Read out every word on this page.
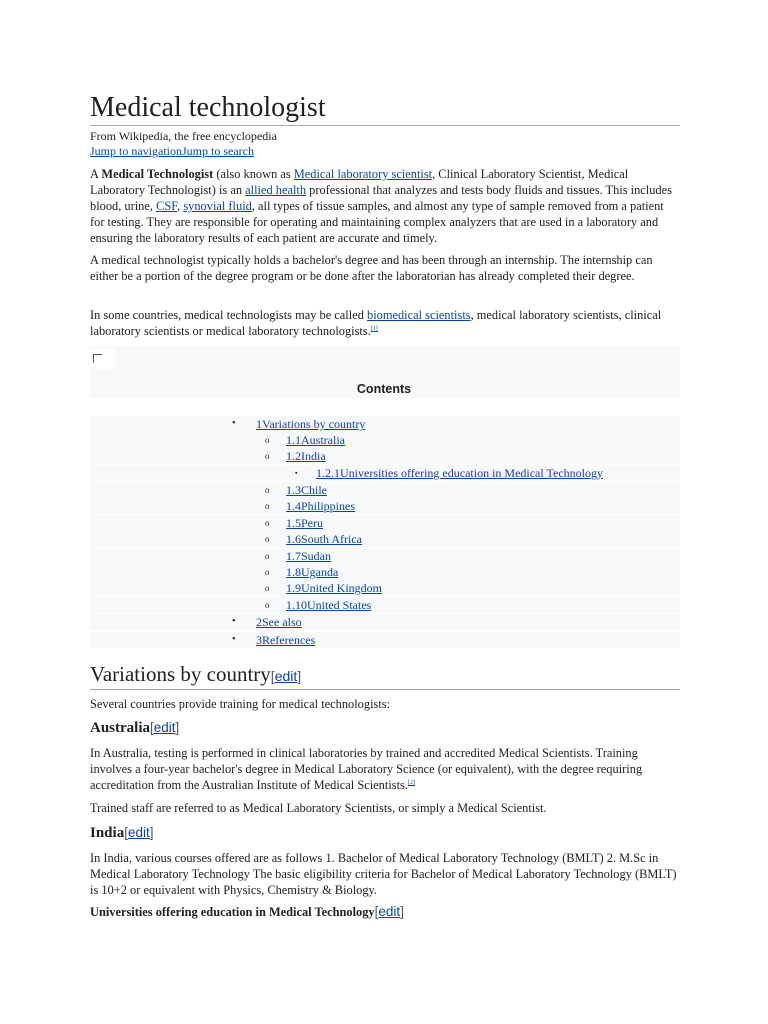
Medical technologist
From Wikipedia, the free encyclopedia
Jump to navigationJump to search

A Medical Technologist (also known as Medical laboratory scientist, Clinical Laboratory Scientist, Medical Laboratory Technologist) is an allied health professional that analyzes and tests body fluids and tissues. This includes blood, urine, CSF, synovial fluid, all types of tissue samples, and almost any type of sample removed from a patient for testing. They are responsible for operating and maintaining complex analyzers that are used in a laboratory and ensuring the laboratory results of each patient are accurate and timely.

A medical technologist typically holds a bachelor's degree and has been through an internship. The internship can either be a portion of the degree program or be done after the laboratorian has already completed their degree.

In some countries, medical technologists may be called biomedical scientists, medical laboratory scientists, clinical laboratory scientists or medical laboratory technologists.[1]

Contents
• 1Variations by country
o 1.1Australia
o 1.2India
▪ 1.2.1Universities offering education in Medical Technology
o 1.3Chile
o 1.4Philippines
o 1.5Peru
o 1.6South Africa
o 1.7Sudan
o 1.8Uganda
o 1.9United Kingdom
o 1.10United States
• 2See also
• 3References
Variations by country[edit]

Several countries provide training for medical technologists:

Australia[edit]

In Australia, testing is performed in clinical laboratories by trained and accredited Medical Scientists. Training involves a four-year bachelor's degree in Medical Laboratory Science (or equivalent), with the degree requiring accreditation from the Australian Institute of Medical Scientists.[2]

Trained staff are referred to as Medical Laboratory Scientists, or simply a Medical Scientist.

India[edit]

In India, various courses offered are as follows 1. Bachelor of Medical Laboratory Technology (BMLT) 2. M.Sc in Medical Laboratory Technology The basic eligibility criteria for Bachelor of Medical Laboratory Technology (BMLT) is 10+2 or equivalent with Physics, Chemistry & Biology.

Universities offering education in Medical Technology[edit]
